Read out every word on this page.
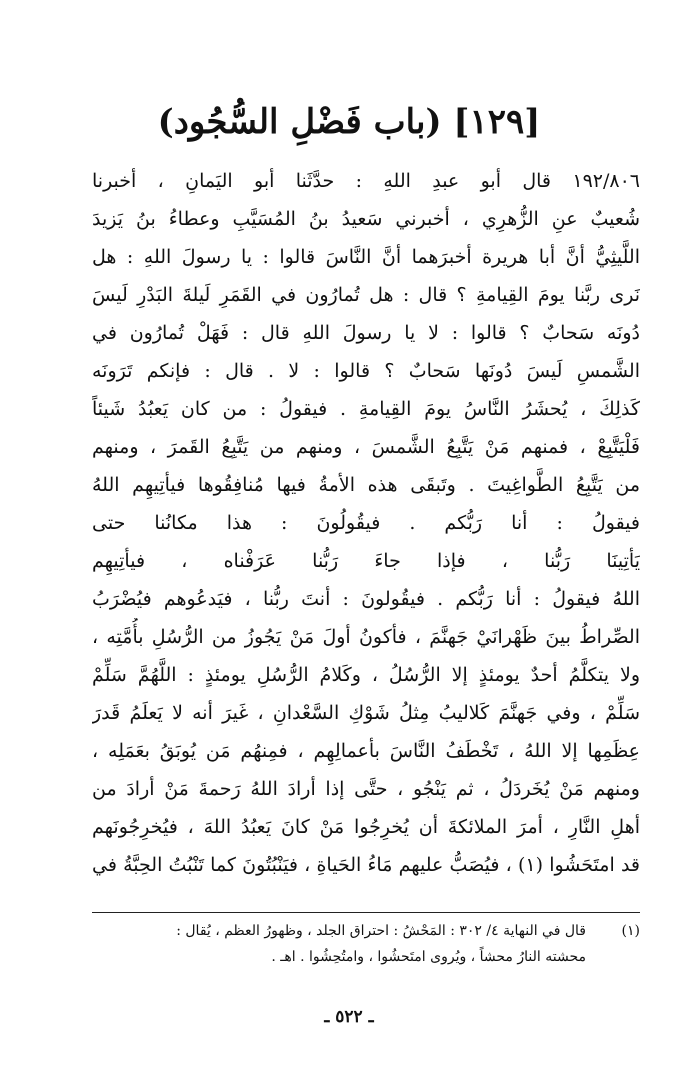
[١٢٩] (باب فَضْلِ السُّجُود)
١٩٢/٨٠٦ قال أبو عبدِ اللهِ : حدَّثَنا أبو اليَمانِ ، أخبرنا
شُعيبٌ عنِ الزُّهرِي ، أخبرني سَعيدُ بنُ المُسَيَّبِ وعطاءُ بنُ يَزيدَ
اللَّيثِيُّ أنَّ أبا هريرة أخبرَهما أنَّ النَّاسَ قالوا : يا رسولَ اللهِ : هل
نَرى ربَّنا يومَ القِيامةِ ؟ قال : هل تُمارُون في القَمَرِ لَيلةَ البَدْرِ لَيسَ
دُونَه سَحابٌ ؟ قالوا : لا يا رسولَ اللهِ قال : فَهَلْ تُمارُون في
الشَّمسِ لَيسَ دُونَها سَحابٌ ؟ قالوا : لا . قال : فإنكم تَرَونَه
كَذلِكَ ، يُحشَرُ النَّاسُ يومَ القِيامةِ . فيقولُ : من كان يَعبُدُ شَيئاً
فَلْيَتَّبِعْ ، فمنهم مَنْ يَتَّبِعُ الشَّمسَ ، ومنهم من يَتَّبِعُ القَمرَ ، ومنهم
من يَتَّبِعُ الطَّواغِيتَ . وتَبقَى هذه الأمةُ فيها مُنافِقُوها فيأتِيهِم اللهُ
فيقولُ : أنا رَبُّكم . فيقُولُونَ : هذا مكانُنا حتى
يَأتِينَا رَبُّنا ، فإذا جاءَ رَبُّنا عَرَفْناه ، فيأتِيهِم
اللهُ فيقولُ : أنا رَبُّكم . فيقُولونَ : أنتَ ربُّنا ، فيَدعُوهم فيُضْرَبُ
الصِّراطُ بينَ ظَهْرانَيْ جَهنَّمَ ، فأكونُ أولَ مَنْ يَجُوزُ من الرُّسُلِ بأُمَّتِه ،
ولا يتكلَّمُ أحدٌ يومئذٍ إلا الرُّسُلُ ، وكَلامُ الرُّسُلِ يومئذٍ : اللَّهُمَّ سَلِّمْ
سَلِّمْ ، وفي جَهنَّمَ كَلاليبُ مِثلُ شَوْكِ السَّعْدانِ ، غَيرَ أنه لا يَعلَمُ قَدرَ
عِظَمِها إلا اللهُ ، تَخْطَفُ النَّاسَ بأعمالِهِم ، فمِنهُم مَن يُوبَقُ بعَمَلِه ،
ومنهم مَنْ يُخَردَلُ ، ثم يَنْجُو ، حتَّى إذا أرادَ اللهُ رَحمةَ مَنْ أرادَ من
أهلِ النَّارِ ، أمرَ الملائكةَ أن يُخرِجُوا مَنْ كانَ يَعبُدُ اللهَ ، فيُخرِجُونَهم
قد امتَحَشُوا (١) ، فيُصَبُّ عليهم مَاءُ الحَياةِ ، فيَنْبُتُونَ كما تَنْبُتُ الحِبَّةُ في
(١)قال في النهاية ٤/ ٣٠٢ : المَحْشُ : احتراق الجلد ، وظهورُ العظم ، يُقال :
محشته النارُ محشاً ، ويُروى امتَحشُوا ، وامتُحِشُوا . اهـ .
ـ ٥٢٢ ـ
